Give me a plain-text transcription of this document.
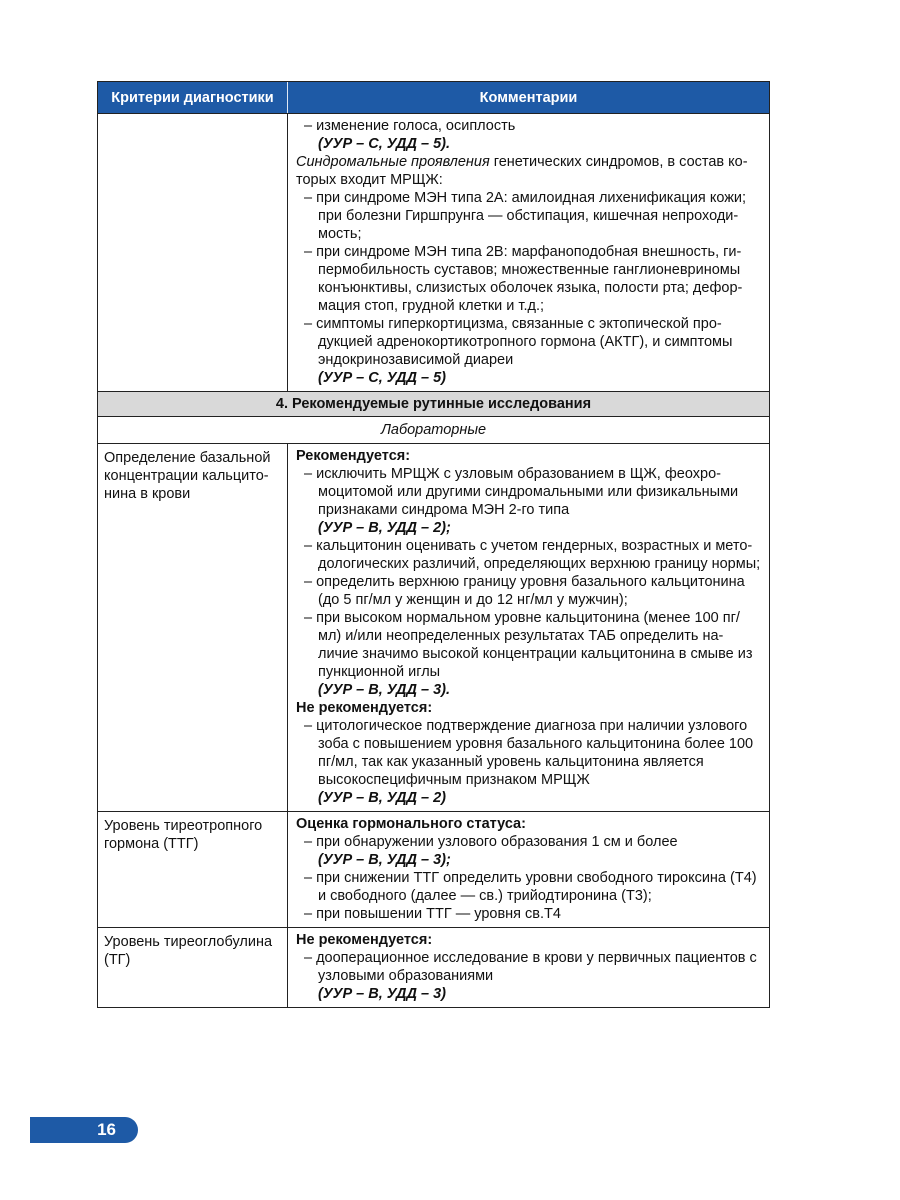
Критерии диагностики	Комментарии
– изменение голоса, осиплость
(УУР – С, УДД – 5).
Синдромальные проявления генетических синдромов, в состав ко-торых входит МРЩЖ:
– при синдроме МЭН типа 2А: амилоидная лихенификация кожи; при болезни Гиршпрунга — обстипация, кишечная непроходи-мость;
– при синдроме МЭН типа 2В: марфаноподобная внешность, ги-пермобильность суставов; множественные ганглионевриномы конъюнктивы, слизистых оболочек языка, полости рта; дефор-мация стоп, грудной клетки и т.д.;
– симптомы гиперкортицизма, связанные с эктопической про-дукцией адренокортикотропного гормона (АКТГ), и симптомы эндокринозависимой диареи
(УУР – С, УДД – 5)
4. Рекомендуемые рутинные исследования
Лабораторные
Определение базальной концентрации кальцито-нина в крови
Рекомендуется:
– исключить МРЩЖ с узловым образованием в ЩЖ, феохро-моцитомой или другими синдромальными или физикальными признаками синдрома МЭН 2-го типа
(УУР – В, УДД – 2);
– кальцитонин оценивать с учетом гендерных, возрастных и мето-дологических различий, определяющих верхнюю границу нормы;
– определить верхнюю границу уровня базального кальцитонина (до 5 пг/мл у женщин и до 12 нг/мл у мужчин);
– при высоком нормальном уровне кальцитонина (менее 100 пг/ мл) и/или неопределенных результатах ТАБ определить на-личие значимо высокой концентрации кальцитонина в смыве из пункционной иглы
(УУР – В, УДД – 3).
Не рекомендуется:
– цитологическое подтверждение диагноза при наличии узлового зоба с повышением уровня базального кальцитонина более 100 пг/мл, так как указанный уровень кальцитонина является высокоспецифичным признаком МРЩЖ
(УУР – В, УДД – 2)
Уровень тиреотропного гормона (ТТГ)
Оценка гормонального статуса:
– при обнаружении узлового образования 1 см и более
(УУР – В, УДД – 3);
– при снижении ТТГ определить уровни свободного тироксина (Т4) и свободного (далее — св.) трийодтиронина (Т3);
– при повышении ТТГ — уровня св.Т4
Уровень тиреоглобулина (ТГ)
Не рекомендуется:
– дооперационное исследование в крови у первичных пациентов с узловыми образованиями
(УУР – В, УДД – 3)
16
